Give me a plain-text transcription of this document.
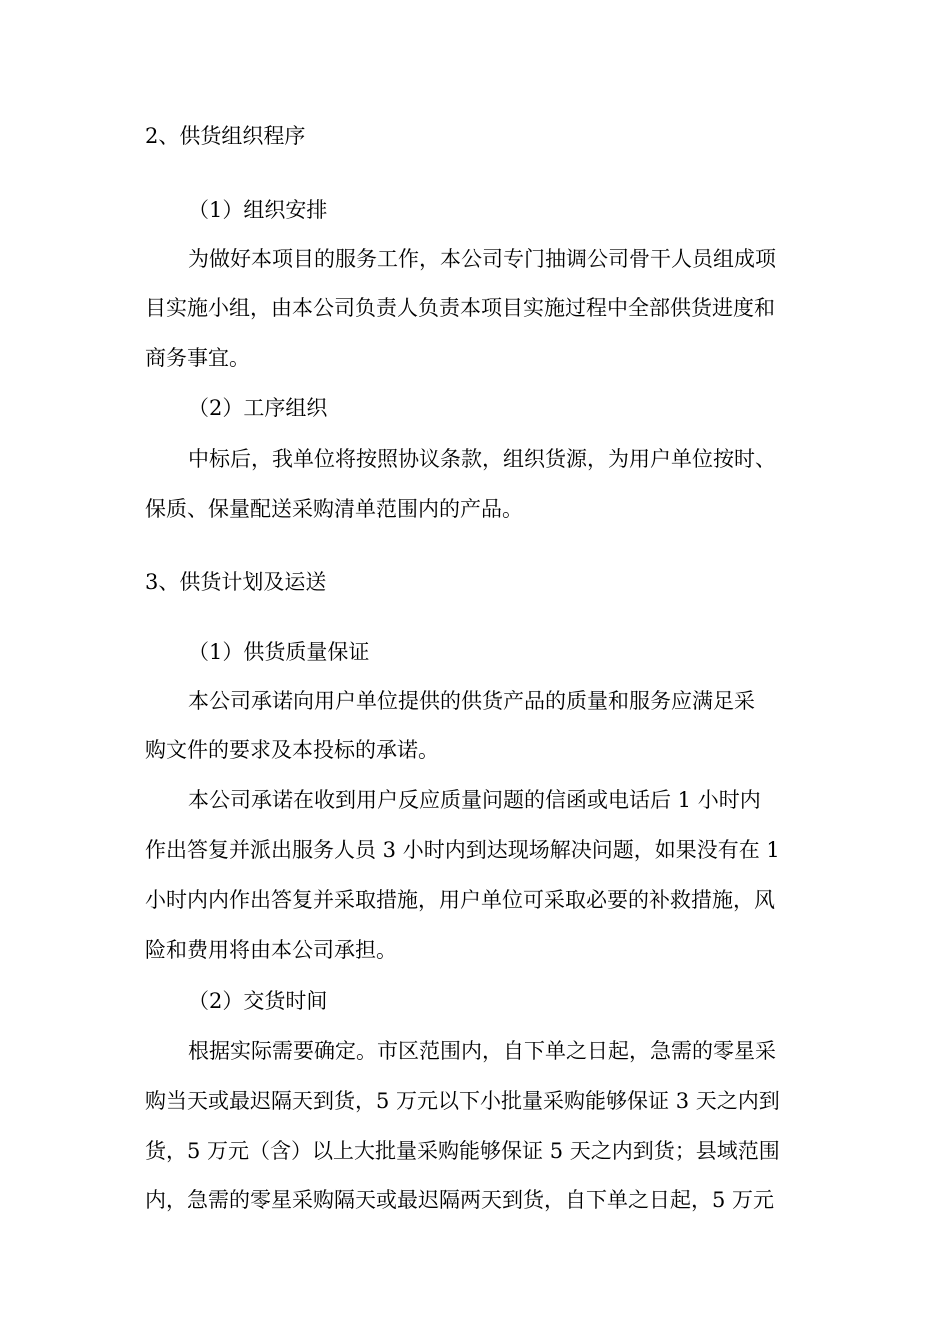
2、供货组织程序

（1）组织安排

为做好本项目的服务工作，本公司专门抽调公司骨干人员组成项

目实施小组，由本公司负责人负责本项目实施过程中全部供货进度和

商务事宜。

（2）工序组织

中标后，我单位将按照协议条款，组织货源，为用户单位按时、

保质、保量配送采购清单范围内的产品。

3、供货计划及运送

（1）供货质量保证

本公司承诺向用户单位提供的供货产品的质量和服务应满足采

购文件的要求及本投标的承诺。

本公司承诺在收到用户反应质量问题的信函或电话后 1 小时内

作出答复并派出服务人员 3 小时内到达现场解决问题，如果没有在 1

小时内内作出答复并采取措施，用户单位可采取必要的补救措施，风

险和费用将由本公司承担。

（2）交货时间

根据实际需要确定。市区范围内，自下单之日起，急需的零星采

购当天或最迟隔天到货，5 万元以下小批量采购能够保证 3 天之内到

货，5 万元（含）以上大批量采购能够保证 5 天之内到货；县域范围

内，急需的零星采购隔天或最迟隔两天到货，自下单之日起，5 万元
